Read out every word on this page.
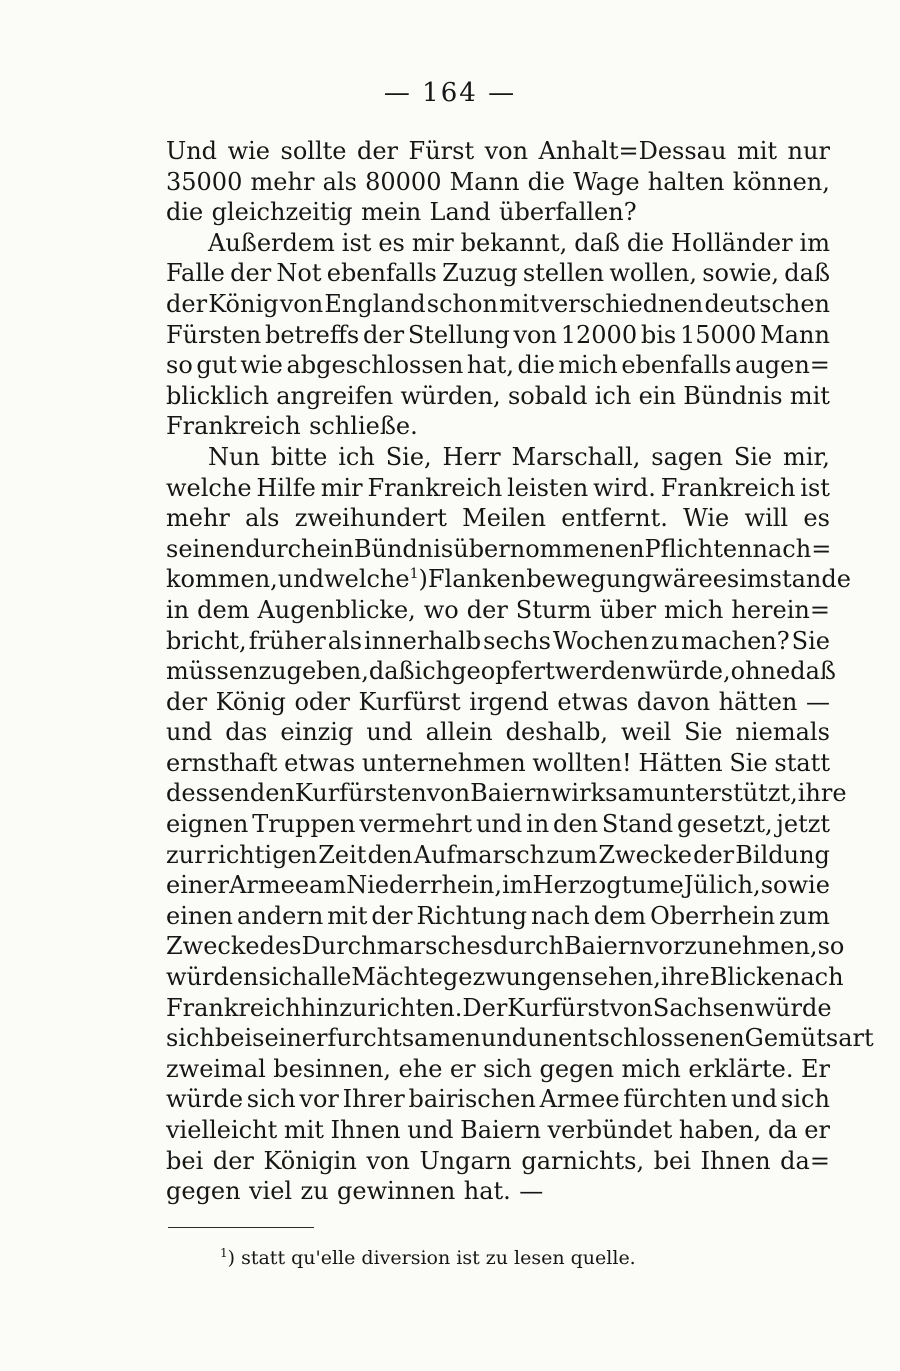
— 164 —
Und wie sollte der Fürst von Anhalt=Dessau mit nur
35000 mehr als 80000 Mann die Wage halten können,
die gleichzeitig mein Land überfallen?
Außerdem ist es mir bekannt, daß die Holländer im
Falle der Not ebenfalls Zuzug stellen wollen, sowie, daß
der König von England schon mit verschiednen deutschen
Fürsten betreffs der Stellung von 12000 bis 15000 Mann
so gut wie abgeschlossen hat, die mich ebenfalls augen=
blicklich angreifen würden, sobald ich ein Bündnis mit
Frankreich schließe.
Nun bitte ich Sie, Herr Marschall, sagen Sie mir,
welche Hilfe mir Frankreich leisten wird. Frankreich ist
mehr als zweihundert Meilen entfernt. Wie will es
seinen durch ein Bündnis übernommenen Pflichten nach=
kommen, und welche $^1$) Flankenbewegung wäre es imstande
in dem Augenblicke, wo der Sturm über mich herein=
bricht, früher als innerhalb sechs Wochen zu machen? Sie
müssen zugeben, daß ich geopfert werden würde, ohne daß
der König oder Kurfürst irgend etwas davon hätten —
und das einzig und allein deshalb, weil Sie niemals
ernsthaft etwas unternehmen wollten! Hätten Sie statt
dessen den Kurfürsten von Baiern wirksam unterstützt, ihre
eignen Truppen vermehrt und in den Stand gesetzt, jetzt
zur richtigen Zeit den Aufmarsch zum Zwecke der Bildung
einer Armee am Niederrhein, im Herzogtume Jülich, sowie
einen andern mit der Richtung nach dem Oberrhein zum
Zwecke des Durchmarsches durch Baiern vorzunehmen, so
würden sich alle Mächte gezwungen sehen, ihre Blicke nach
Frankreich hin zu richten. Der Kurfürst von Sachsen würde
sich bei seiner furchtsamen und unentschlossenen Gemütsart
zweimal besinnen, ehe er sich gegen mich erklärte. Er
würde sich vor Ihrer bairischen Armee fürchten und sich
vielleicht mit Ihnen und Baiern verbündet haben, da er
bei der Königin von Ungarn garnichts, bei Ihnen da=
gegen viel zu gewinnen hat. —
$^1$) statt qu'elle diversion ist zu lesen quelle.
